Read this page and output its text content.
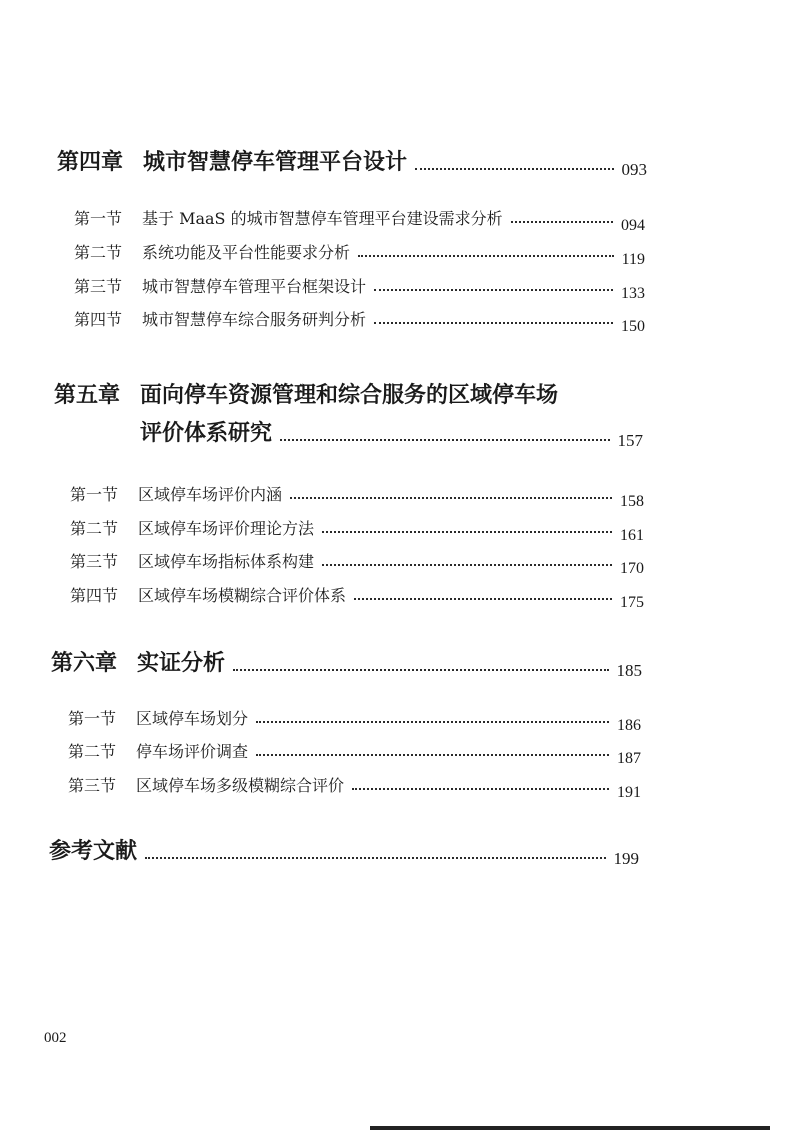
第四章 城市智慧停车管理平台设计	093
第一节	基于 MaaS 的城市智慧停车管理平台建设需求分析	094
第二节	系统功能及平台性能要求分析	119
第三节	城市智慧停车管理平台框架设计	133
第四节	城市智慧停车综合服务研判分析	150
第五章 面向停车资源管理和综合服务的区域停车场
评价体系研究	157
第一节	区域停车场评价内涵	158
第二节	区域停车场评价理论方法	161
第三节	区域停车场指标体系构建	170
第四节	区域停车场模糊综合评价体系	175
第六章 实证分析	185
第一节	区域停车场划分	186
第二节	停车场评价调查	187
第三节	区域停车场多级模糊综合评价	191
参考文献	199
002
